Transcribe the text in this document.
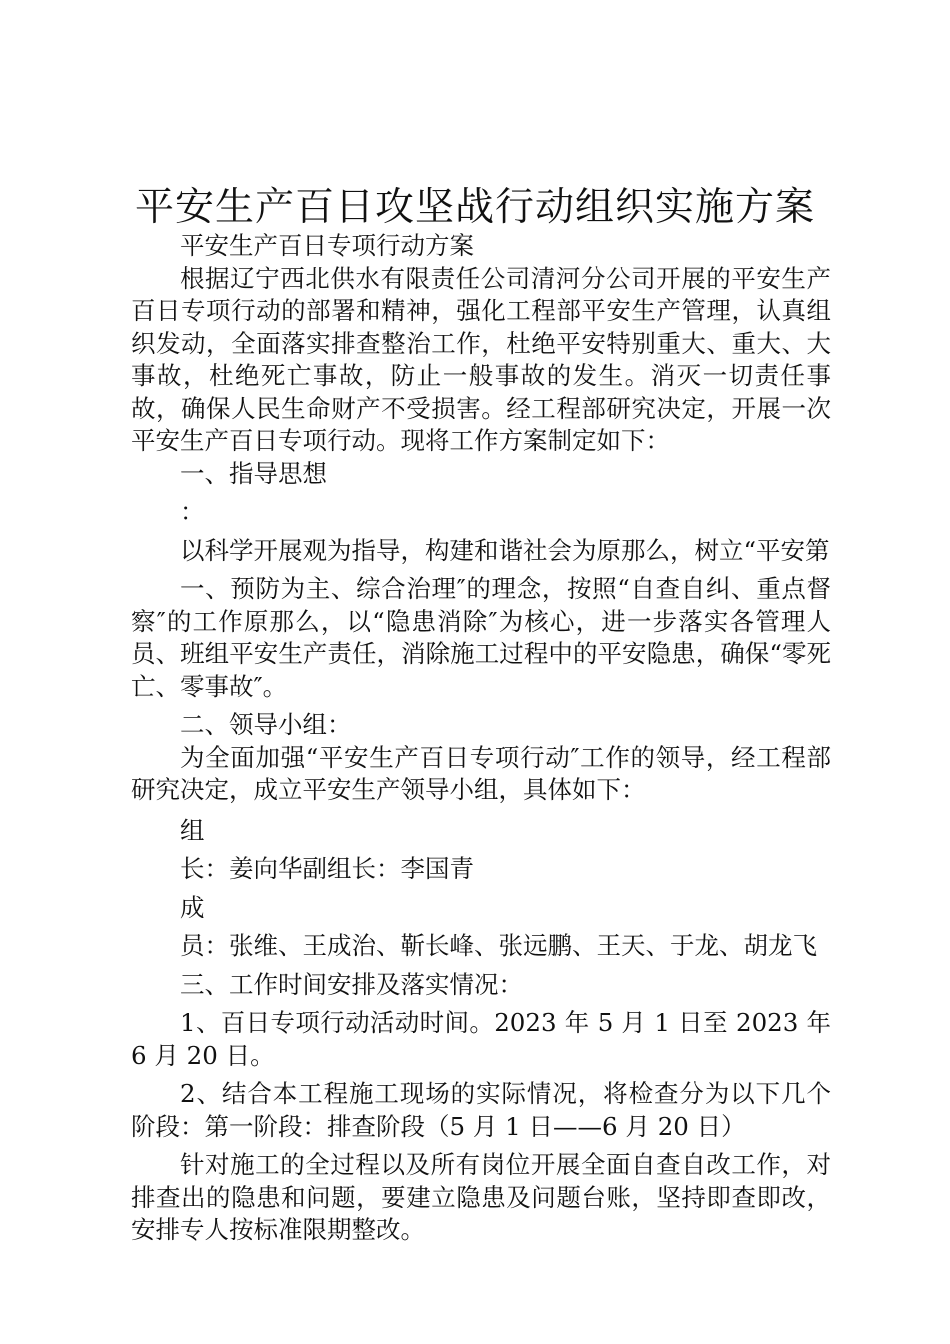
平安生产百日攻坚战行动组织实施方案

平安生产百日专项行动方案

根据辽宁西北供水有限责任公司清河分公司开展的平安生产百日专项行动的部署和精神，强化工程部平安生产管理，认真组织发动，全面落实排查整治工作，杜绝平安特别重大、重大、大事故，杜绝死亡事故，防止一般事故的发生。消灭一切责任事故，确保人民生命财产不受损害。经工程部研究决定，开展一次平安生产百日专项行动。现将工作方案制定如下：

一、指导思想

：

以科学开展观为指导，构建和谐社会为原那么，树立“平安第

一、预防为主、综合治理″的理念，按照“自查自纠、重点督察″的工作原那么，以“隐患消除″为核心，进一步落实各管理人员、班组平安生产责任，消除施工过程中的平安隐患，确保“零死亡、零事故″。

二、领导小组：

为全面加强“平安生产百日专项行动″工作的领导，经工程部研究决定，成立平安生产领导小组，具体如下：

组

长：姜向华副组长：李国青

成

员：张维、王成治、靳长峰、张远鹏、王天、于龙、胡龙飞

三、工作时间安排及落实情况：

1、百日专项行动活动时间。2023 年 5 月 1 日至 2023 年 6 月 20 日。

2、结合本工程施工现场的实际情况，将检查分为以下几个阶段：第一阶段：排查阶段（5 月 1 日——6 月 20 日）

针对施工的全过程以及所有岗位开展全面自查自改工作，对排查出的隐患和问题，要建立隐患及问题台账，坚持即查即改，安排专人按标准限期整改。
